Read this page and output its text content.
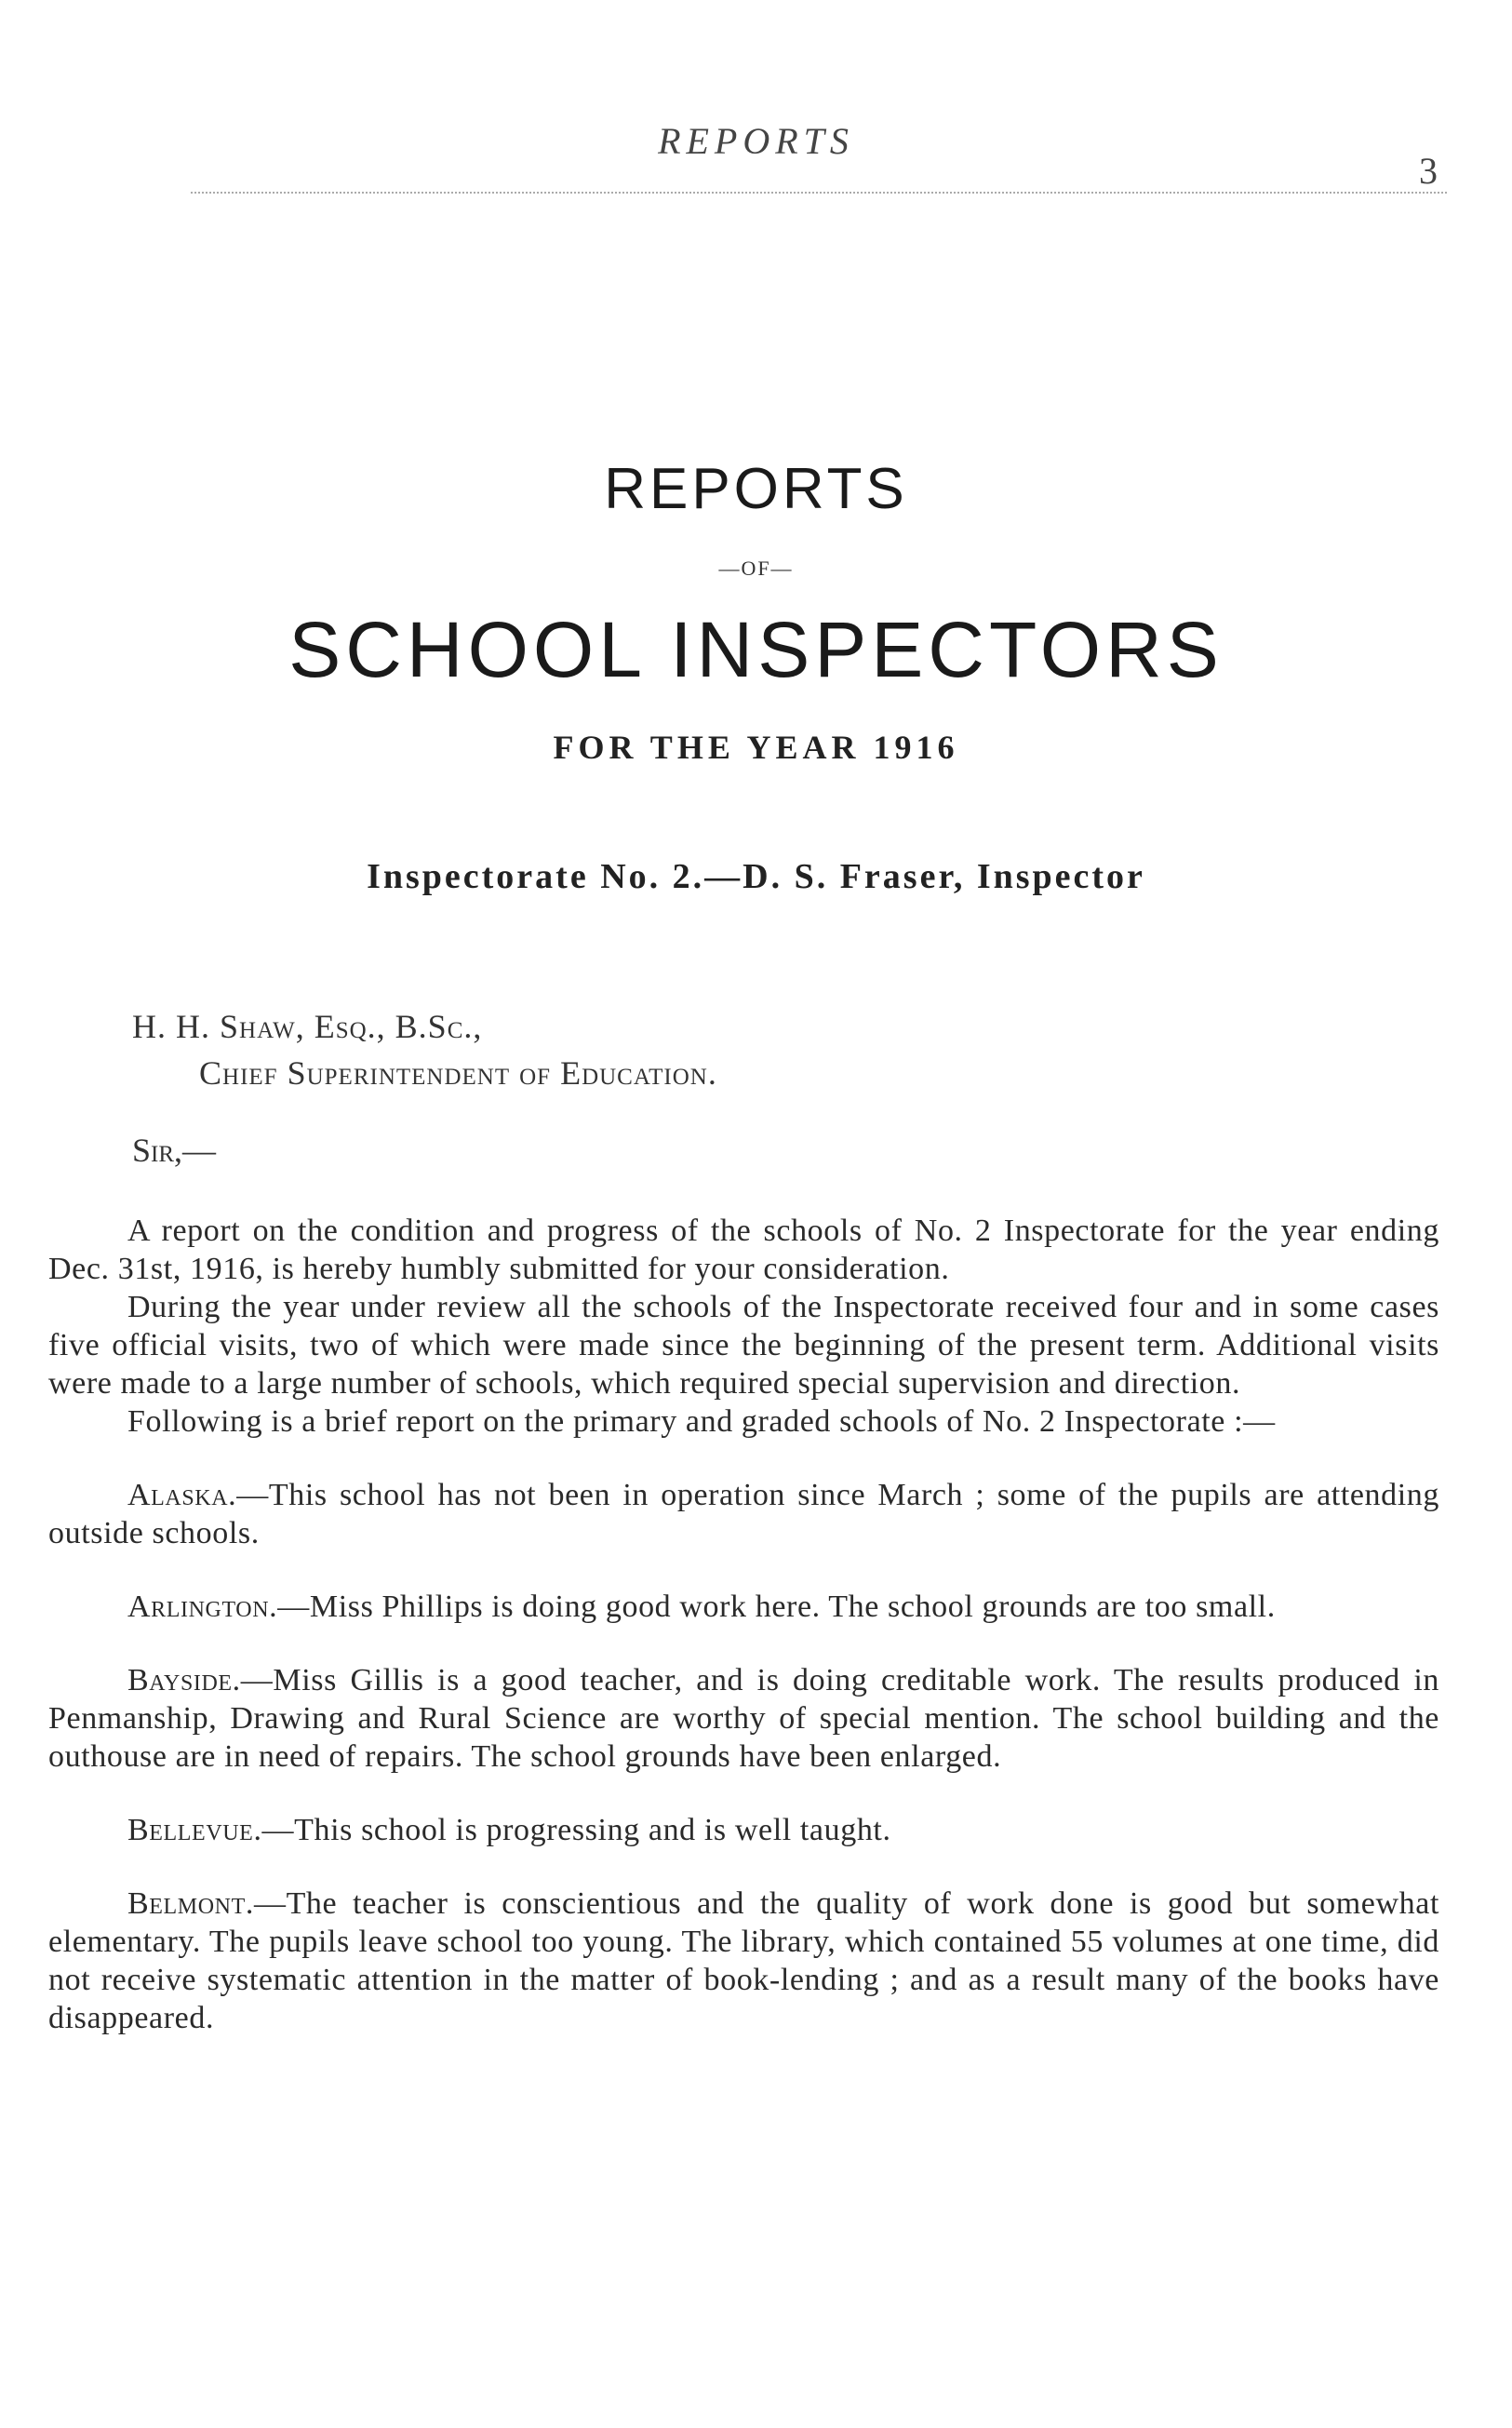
REPORTS
3
REPORTS
—OF—
SCHOOL INSPECTORS
FOR THE YEAR 1916
Inspectorate No. 2.—D. S. Fraser, Inspector
H. H. Shaw, Esq., B.Sc.,
Chief Superintendent of Education.
Sir,—

A report on the condition and progress of the schools of No. 2 Inspectorate for the year ending Dec. 31st, 1916, is hereby humbly submitted for your consideration.

During the year under review all the schools of the Inspectorate received four and in some cases five official visits, two of which were made since the beginning of the present term. Additional visits were made to a large number of schools, which required special supervision and direction.

Following is a brief report on the primary and graded schools of No. 2 Inspectorate :—

Alaska.—This school has not been in operation since March ; some of the pupils are attending outside schools.

Arlington.—Miss Phillips is doing good work here. The school grounds are too small.

Bayside.—Miss Gillis is a good teacher, and is doing creditable work. The results produced in Penmanship, Drawing and Rural Science are worthy of special mention. The school building and the outhouse are in need of repairs. The school grounds have been enlarged.

Bellevue.—This school is progressing and is well taught.

Belmont.—The teacher is conscientious and the quality of work done is good but somewhat elementary. The pupils leave school too young. The library, which contained 55 volumes at one time, did not receive systematic attention in the matter of book-lending ; and as a result many of the books have disappeared.
